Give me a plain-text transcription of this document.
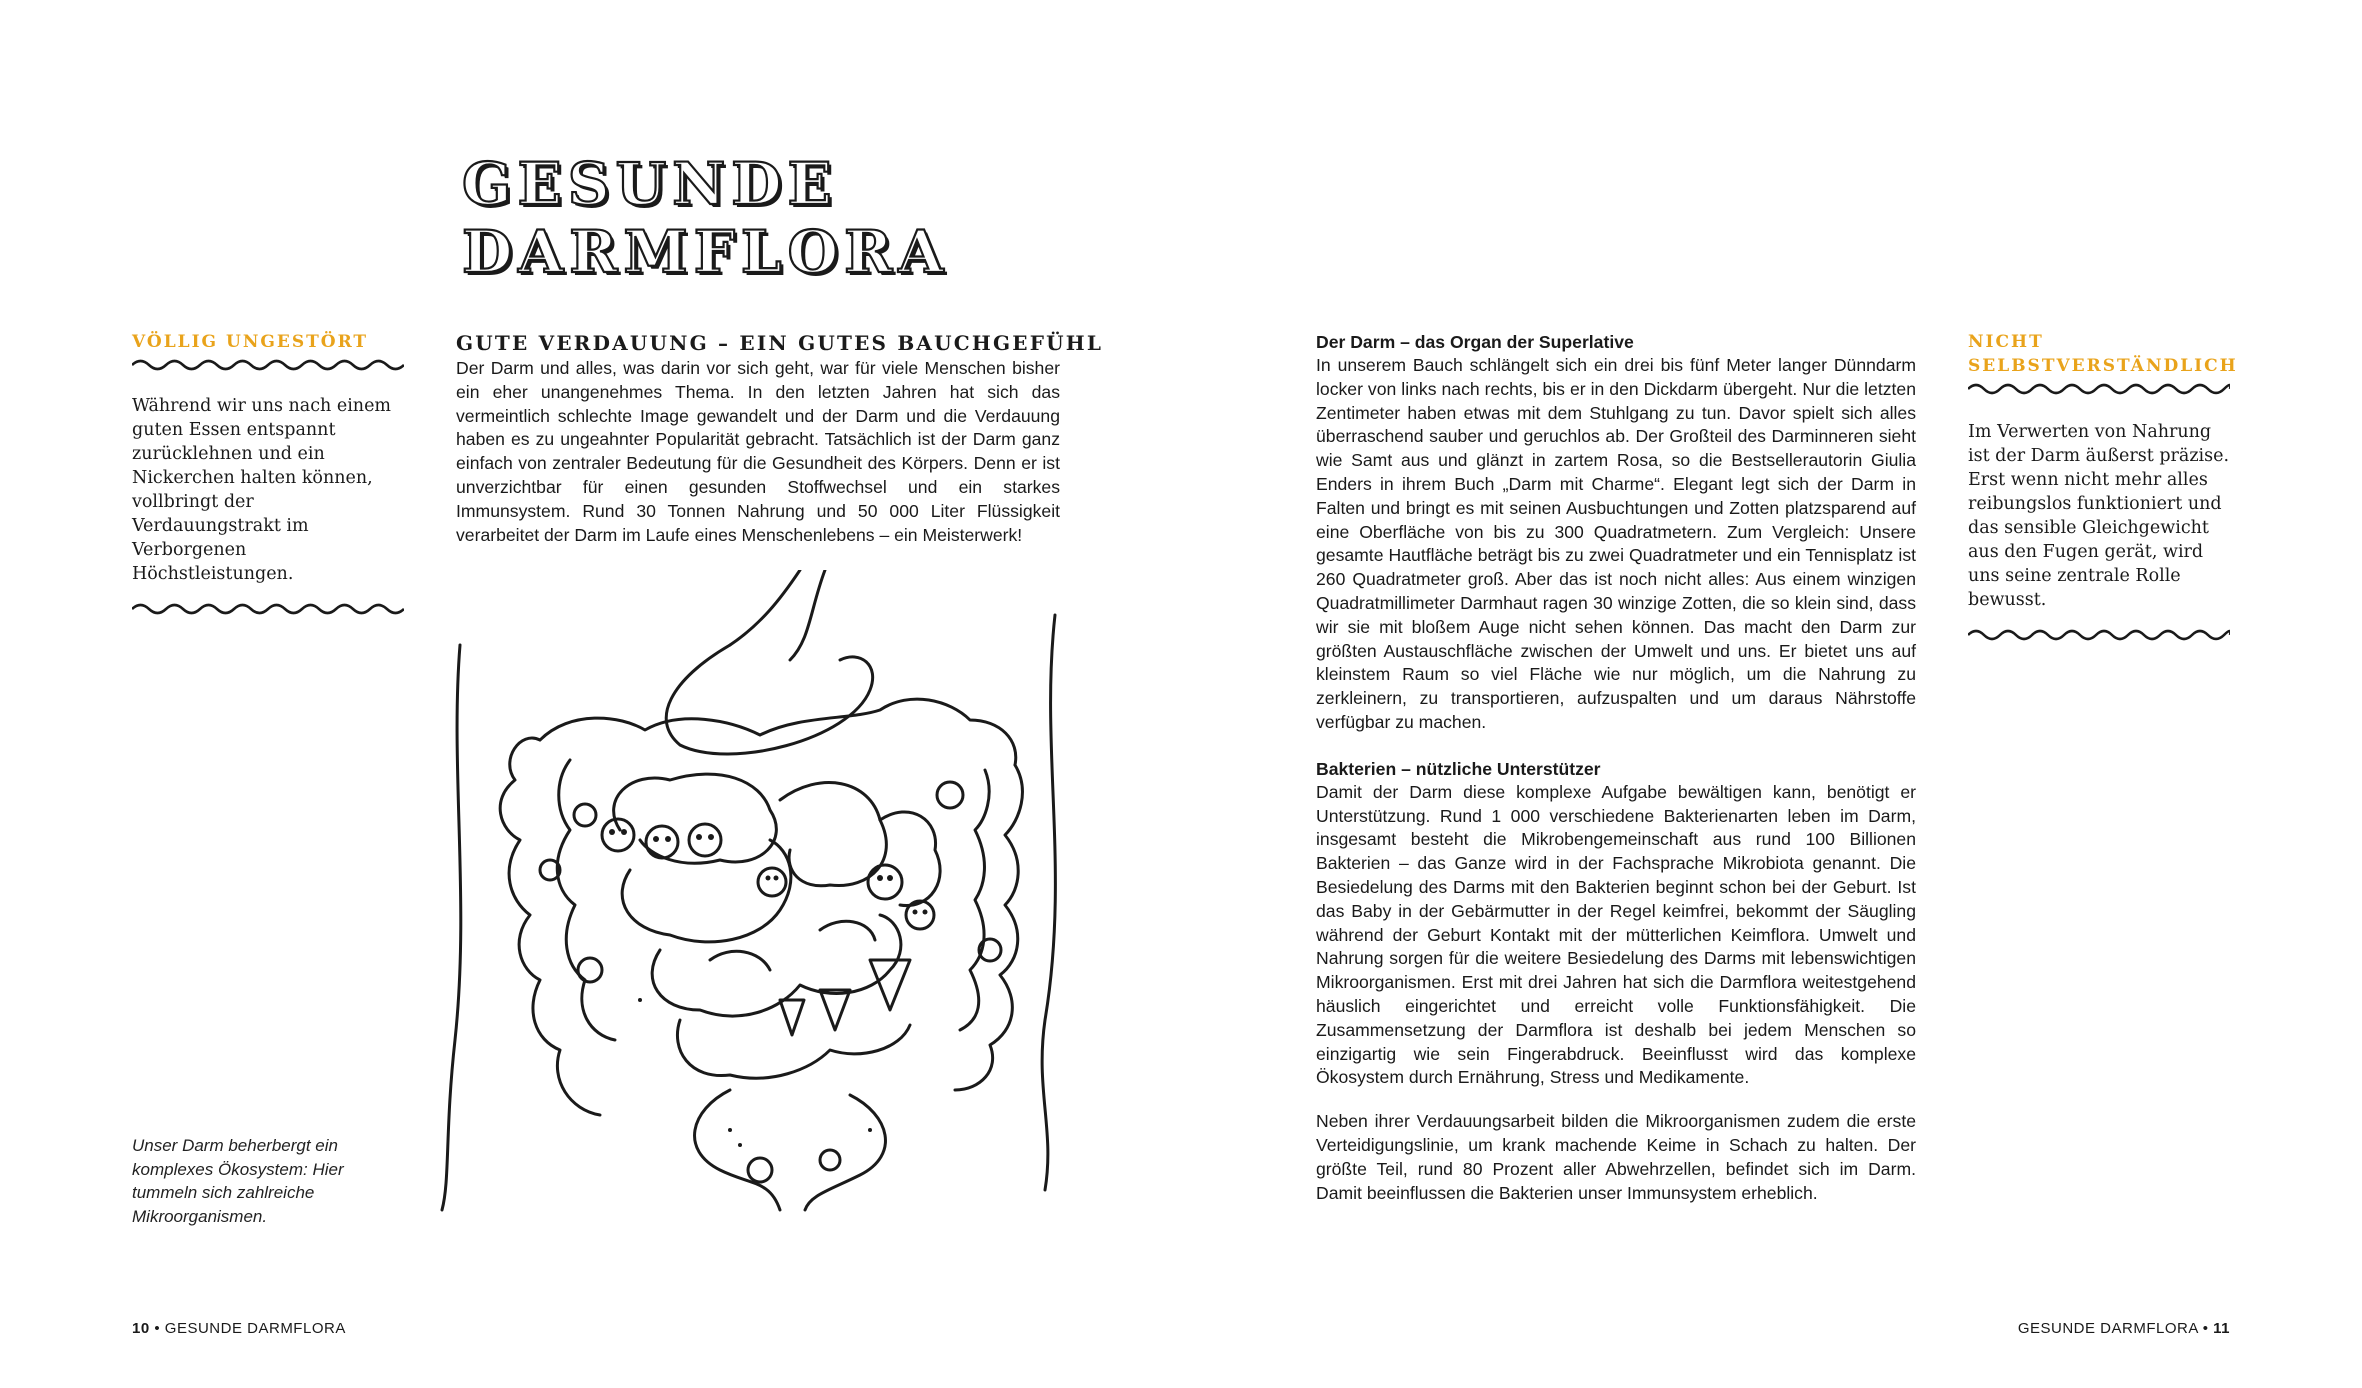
GESUNDE
DARMFLORA
VÖLLIG UNGESTÖRT
Während wir uns nach einem guten Essen entspannt zurücklehnen und ein Nickerchen halten können, vollbringt der Verdauungstrakt im Verborgenen Höchstleistungen.
GUTE VERDAUUNG – EIN GUTES BAUCHGEFÜHL
Der Darm und alles, was darin vor sich geht, war für viele Menschen bisher ein eher unangenehmes Thema. In den letzten Jahren hat sich das vermeintlich schlechte Image gewandelt und der Darm und die Verdauung haben es zu ungeahnter Popularität gebracht. Tatsächlich ist der Darm ganz einfach von zentraler Bedeutung für die Gesundheit des Körpers. Denn er ist unverzichtbar für einen gesunden Stoffwechsel und ein starkes Immunsystem. Rund 30 Tonnen Nahrung und 50 000 Liter Flüssigkeit verarbeitet der Darm im Laufe eines Menschenlebens – ein Meisterwerk!
Unser Darm beherbergt ein komplexes Ökosystem: Hier tummeln sich zahlreiche Mikroorganismen.
Der Darm – das Organ der Superlative
In unserem Bauch schlängelt sich ein drei bis fünf Meter langer Dünndarm locker von links nach rechts, bis er in den Dickdarm übergeht. Nur die letzten Zentimeter haben etwas mit dem Stuhlgang zu tun. Davor spielt sich alles überraschend sauber und geruchlos ab. Der Großteil des Darminneren sieht wie Samt aus und glänzt in zartem Rosa, so die Bestsellerautorin Giulia Enders in ihrem Buch „Darm mit Charme“. Elegant legt sich der Darm in Falten und bringt es mit seinen Ausbuchtungen und Zotten platzsparend auf eine Oberfläche von bis zu 300 Quadratmetern. Zum Vergleich: Unsere gesamte Hautfläche beträgt bis zu zwei Quadratmeter und ein Tennisplatz ist 260 Quadratmeter groß. Aber das ist noch nicht alles: Aus einem winzigen Quadratmillimeter Darmhaut ragen 30 winzige Zotten, die so klein sind, dass wir sie mit bloßem Auge nicht sehen können. Das macht den Darm zur größten Austauschfläche zwischen der Umwelt und uns. Er bietet uns auf kleinstem Raum so viel Fläche wie nur möglich, um die Nahrung zu zerkleinern, zu transportieren, aufzuspalten und um daraus Nährstoffe verfügbar zu machen.
Bakterien – nützliche Unterstützer
Damit der Darm diese komplexe Aufgabe bewältigen kann, benötigt er Unterstützung. Rund 1 000 verschiedene Bakterienarten leben im Darm, insgesamt besteht die Mikrobengemeinschaft aus rund 100 Billionen Bakterien – das Ganze wird in der Fachsprache Mikrobiota genannt. Die Besiedelung des Darms mit den Bakterien beginnt schon bei der Geburt. Ist das Baby in der Gebärmutter in der Regel keimfrei, bekommt der Säugling während der Geburt Kontakt mit der mütterlichen Keimflora. Umwelt und Nahrung sorgen für die weitere Besiedelung des Darms mit lebenswichtigen Mikroorganismen. Erst mit drei Jahren hat sich die Darmflora weitestgehend häuslich eingerichtet und erreicht volle Funktionsfähigkeit. Die Zusammensetzung der Darmflora ist deshalb bei jedem Menschen so einzigartig wie sein Fingerabdruck. Beeinflusst wird das komplexe Ökosystem durch Ernährung, Stress und Medikamente.
Neben ihrer Verdauungsarbeit bilden die Mikroorganismen zudem die erste Verteidigungslinie, um krank machende Keime in Schach zu halten. Der größte Teil, rund 80 Prozent aller Abwehrzellen, befindet sich im Darm. Damit beeinflussen die Bakterien unser Immunsystem erheblich.
NICHT
SELBSTVERSTÄNDLICH
Im Verwerten von Nahrung ist der Darm äußerst präzise. Erst wenn nicht mehr alles reibungslos funktioniert und das sensible Gleichgewicht aus den Fugen gerät, wird uns seine zentrale Rolle bewusst.
10 • GESUNDE DARMFLORA	GESUNDE DARMFLORA • 11
